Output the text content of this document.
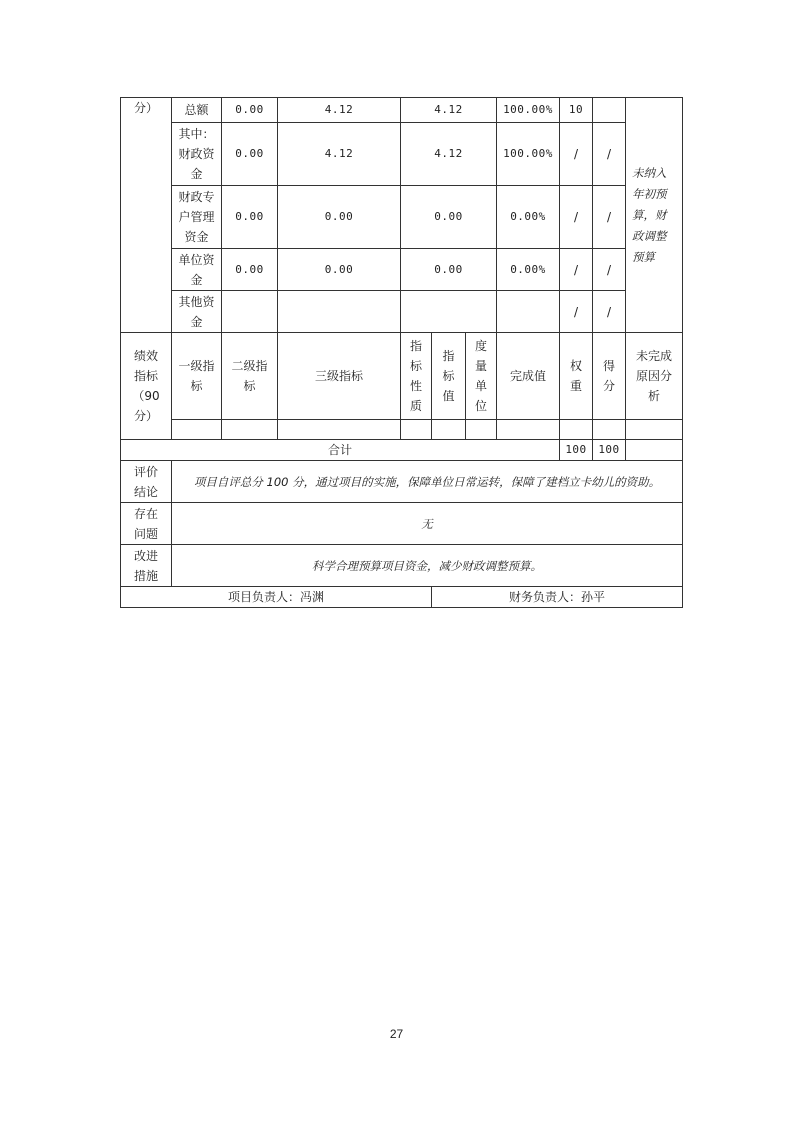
分）	总额	0.00	4.12	4.12			100.00%	10		未纳入年初预算，财政调整预算

	其中：财政资金	0.00	4.12	4.12			100.00%	/	/	

	财政专户管理资金	0.00	0.00	0.00			0.00%	/	/	

	单位资金	0.00	0.00	0.00			0.00%	/	/	

	其他资金							/	/	

绩效指标（90分）	一级指标	二级指标	三级指标	指标性质	指标值	度量单位	完成值	权重	得分	未完成原因分析

合计								100	100	

评价结论	项目自评总分 100 分，通过项目的实施，保障单位日常运转，保障了建档立卡幼儿的资助。									

存在问题	无									

改进措施	科学合理预算项目资金，减少财政调整预算。									
项目负责人：冯渊					财务负责人：孙平					
27
